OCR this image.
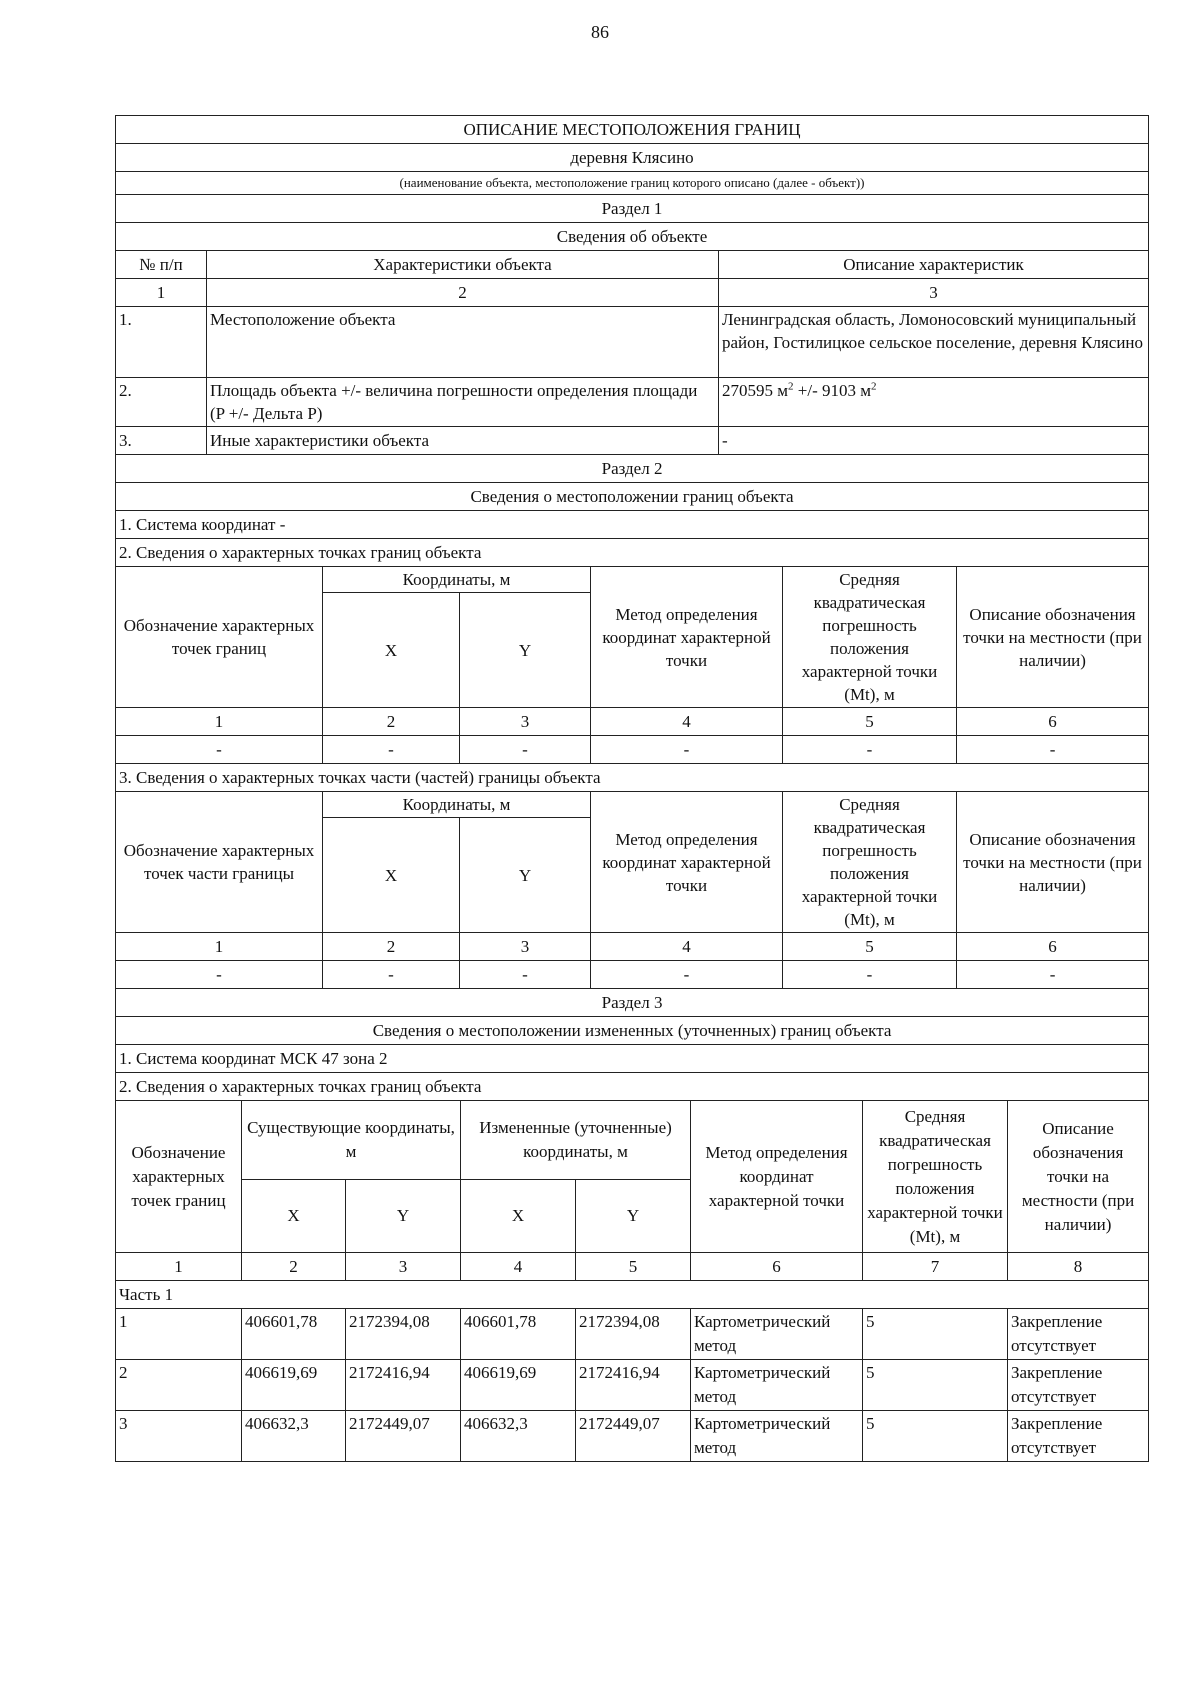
86
ОПИСАНИЕ МЕСТОПОЛОЖЕНИЯ ГРАНИЦ		
деревня Клясино		
(наименование объекта, местоположение границ которого описано (далее - объект))		
Раздел 1		
Сведения об объекте		
№ п/п	Характеристики объекта	Описание характеристик
1	2	3
1.	Местоположение объекта	Ленинградская область, Ломоносовский муниципальный район, Гостилицкое сельское поселение, деревня Клясино
2.	Площадь объекта +/- величина погрешности определения площади (P +/- Дельта P)	270595 $м^2$ +/- 9103 $м^2$
3.	Иные характеристики объекта	-
Раздел 2					
Сведения о местоположении границ объекта					
1. Система координат -					
2. Сведения о характерных точках границ объекта					
Обозначение характерных точек границ	Координаты, м		Метод определения координат характерной точки	Средняя квадратическая погрешность положения характерной точки (Mt), м	Описание обозначения точки на местности (при наличии)
	X	Y			
1	2	3	4	5	6
-	-	-	-	-	-
3. Сведения о характерных точках части (частей) границы объекта					
Обозначение характерных точек части границы	Координаты, м		Метод определения координат характерной точки	Средняя квадратическая погрешность положения характерной точки (Mt), м	Описание обозначения точки на местности (при наличии)
	X	Y			
1	2	3	4	5	6
-	-	-	-	-	-
Раздел 3							
Сведения о местоположении измененных (уточненных) границ объекта							
1. Система координат МСК 47 зона 2							
2. Сведения о характерных точках границ объекта							
Обозначение характерных точек границ	Существующие координаты, м		Измененные (уточненные) координаты, м		Метод определения координат характерной точки	Средняя квадратическая погрешность положения характерной точки (Mt), м	Описание обозначения точки на местности (при наличии)
	X	Y	X	Y			
1	2	3	4	5	6	7	8
Часть 1							
1	406601,78	2172394,08	406601,78	2172394,08	Картометрический метод	5	Закрепление отсутствует
2	406619,69	2172416,94	406619,69	2172416,94	Картометрический метод	5	Закрепление отсутствует
3	406632,3	2172449,07	406632,3	2172449,07	Картометрический метод	5	Закрепление отсутствует
